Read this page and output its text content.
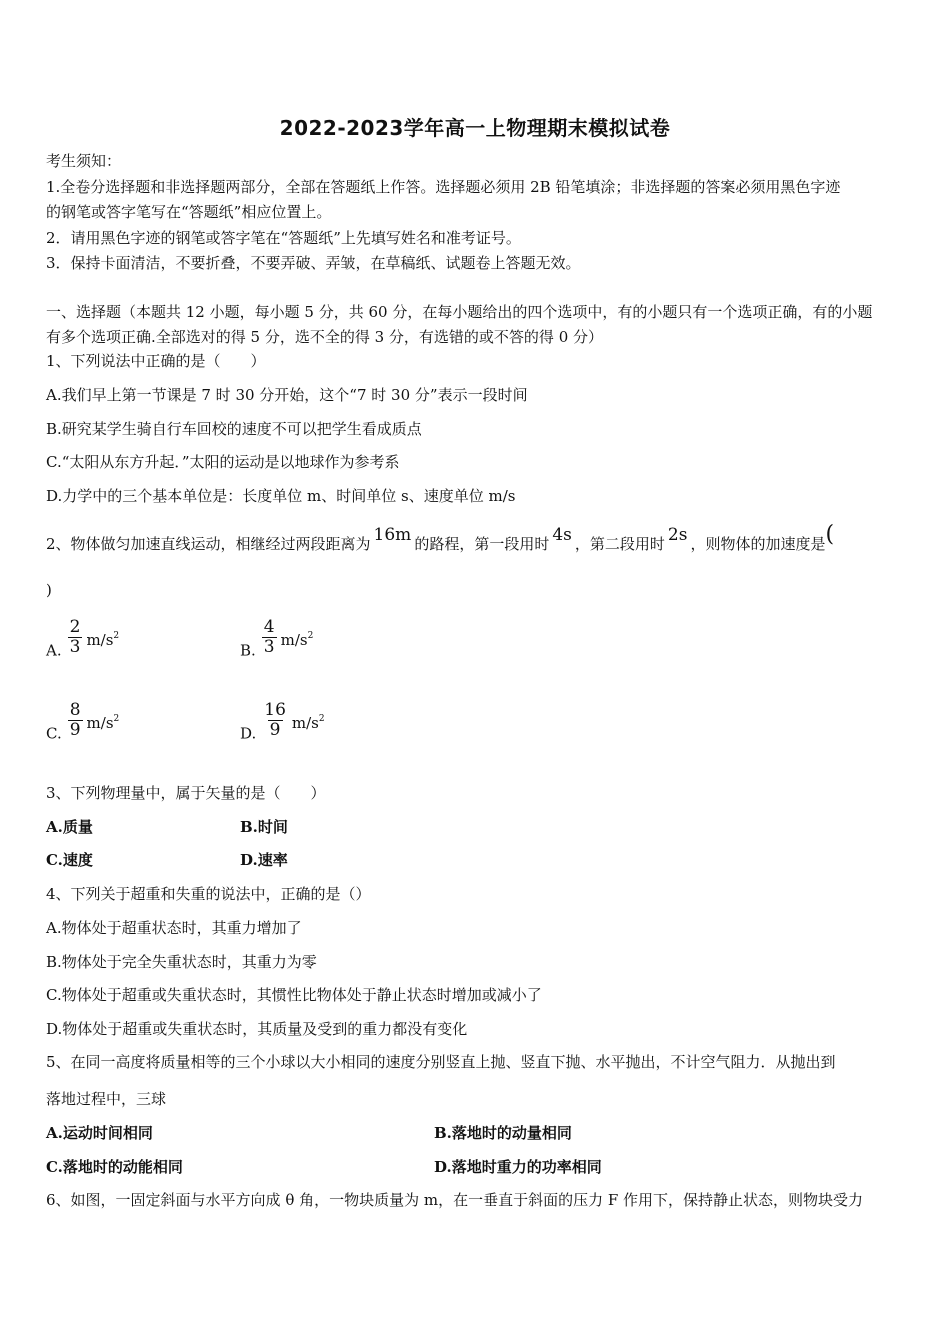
2022-2023学年高一上物理期末模拟试卷
考生须知：
1.全卷分选择题和非选择题两部分，全部在答题纸上作答。选择题必须用 2B 铅笔填涂；非选择题的答案必须用黑色字迹
的钢笔或答字笔写在“答题纸”相应位置上。
2．请用黑色字迹的钢笔或答字笔在“答题纸”上先填写姓名和准考证号。
3．保持卡面清洁，不要折叠，不要弄破、弄皱，在草稿纸、试题卷上答题无效。
一、选择题（本题共 12 小题，每小题 5 分，共 60 分，在每小题给出的四个选项中，有的小题只有一个选项正确，有的小题
有多个选项正确.全部选对的得 5 分，选不全的得 3 分，有选错的或不答的得 0 分）
1、下列说法中正确的是（　　）
A.我们早上第一节课是 7 时 30 分开始，这个“7 时 30 分”表示一段时间
B.研究某学生骑自行车回校的速度不可以把学生看成质点
C.“太阳从东方升起．”太阳的运动是以地球作为参考系
D.力学中的三个基本单位是：长度单位 m、时间单位 s、速度单位 m/s
2、物体做匀加速直线运动，相继经过两段距离为 16m 的路程，第一段用时 4s ，第二段用时 2s ，则物体的加速度是(
)
A. $\frac{2}{3} m/s^2$
B. $\frac{4}{3} m/s^2$
C. $\frac{8}{9} m/s^2$
D. $\frac{16}{9} m/s^2$
3、下列物理量中，属于矢量的是（　　）
A.质量	B.时间
C.速度	D.速率
4、下列关于超重和失重的说法中，正确的是（）
A.物体处于超重状态时，其重力增加了
B.物体处于完全失重状态时，其重力为零
C.物体处于超重或失重状态时，其惯性比物体处于静止状态时增加或减小了
D.物体处于超重或失重状态时，其质量及受到的重力都没有变化
5、在同一高度将质量相等的三个小球以大小相同的速度分别竖直上抛、竖直下抛、水平抛出，不计空气阻力．从抛出到
落地过程中，三球
A.运动时间相同	B.落地时的动量相同
C.落地时的动能相同	D.落地时重力的功率相同
6、如图，一固定斜面与水平方向成 θ 角，一物块质量为 m，在一垂直于斜面的压力 F 作用下，保持静止状态，则物块受力
